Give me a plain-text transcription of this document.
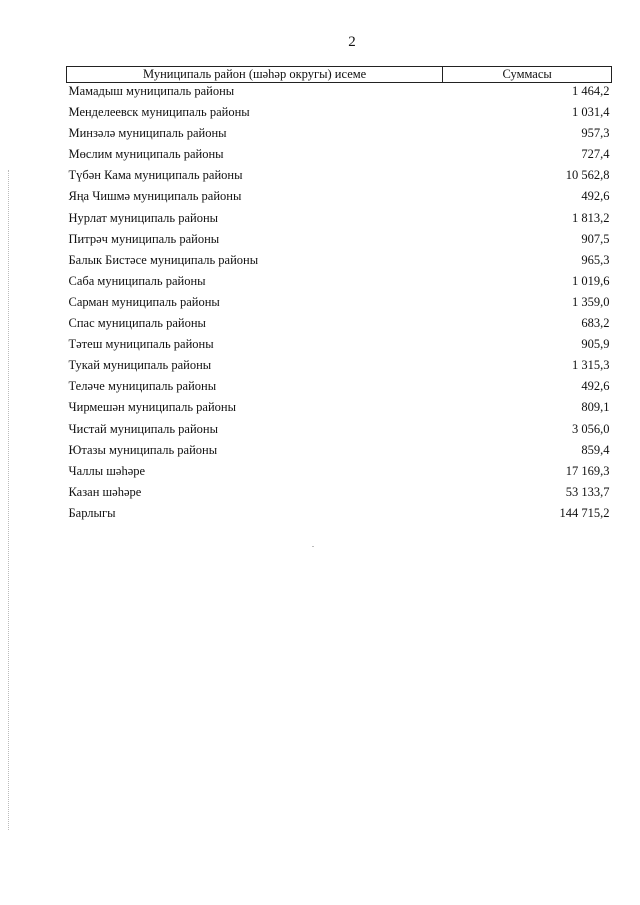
2
Муниципаль район (шәһәр округы) исеме	Суммасы
Мамадыш муниципаль районы	1 464,2
Менделеевск муниципаль районы	1 031,4
Минзәлә муниципаль районы	957,3
Мөслим муниципаль районы	727,4
Түбән Кама муниципаль районы	10 562,8
Яңа Чишмә муниципаль районы	492,6
Нурлат муниципаль районы	1 813,2
Питрәч муниципаль районы	907,5
Балык Бистәсе муниципаль районы	965,3
Саба муниципаль районы	1 019,6
Сарман муниципаль районы	1 359,0
Спас муниципаль районы	683,2
Тәтеш муниципаль районы	905,9
Тукай муниципаль районы	1 315,3
Теләче муниципаль районы	492,6
Чирмешән муниципаль районы	809,1
Чистай муниципаль районы	3 056,0
Ютазы муниципаль районы	859,4
Чаллы шәһәре	17 169,3
Казан шәһәре	53 133,7
Барлыгы	144 715,2
